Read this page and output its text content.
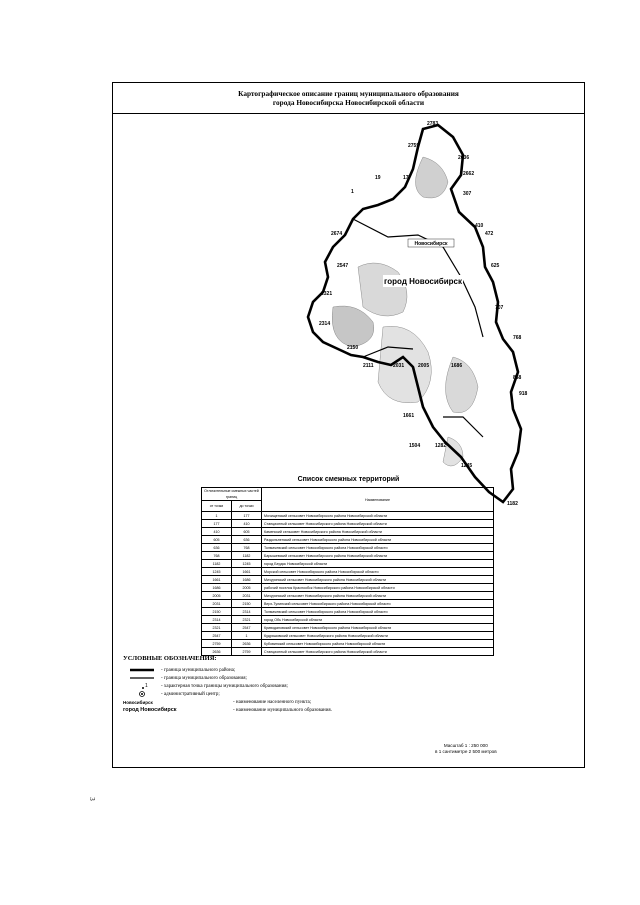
Картографическое описание границ муниципального образования
города Новосибирска Новосибирской области
Новосибирск
город Новосибирск
2783
2759
2636
2662
307
19	177
1
410
472
2674
625
2547
2321
707
2314
768
2150
2111	2031	2005	1686
858
918
1661
1504	1282
1245
1182
Список смежных территорий
Отличительные смежных частей границ		Наименование
от точки	до точки	
1	177	Мочищенский сельсовет Новосибирского района Новосибирской области
177	410	Станционный сельсовет Новосибирского района Новосибирской области
410	605	Каменский сельсовет Новосибирского района Новосибирской области
605	636	Раздольненский сельсовет Новосибирского района Новосибирской области
636	768	Толмачевский сельсовет Новосибирского района Новосибирской области
768	1182	Барышевский сельсовет Новосибирского района Новосибирской области
1182	1245	город Бердск Новосибирской области
1245	1661	Морской сельсовет Новосибирского района Новосибирской области
1661	1686	Мичуринский сельсовет Новосибирского района Новосибирской области
1686	2005	рабочий поселок Краснообск Новосибирского района Новосибирской области
2005	2031	Мичуринский сельсовет Новосибирского района Новосибирской области
2031	2150	Верх-Тулинский сельсовет Новосибирского района Новосибирской области
2150	2314	Толмачевский сельсовет Новосибирского района Новосибирской области
2314	2321	город Обь Новосибирской области
2321	2547	Криводановский сельсовет Новосибирского района Новосибирской области
2547	1	Кудряшовский сельсовет Новосибирского района Новосибирской области
2759	2636	Кубовинский сельсовет Новосибирского района Новосибирской области
2636	2759	Станционный сельсовет Новосибирского района Новосибирской области
УСЛОВНЫЕ ОБОЗНАЧЕНИЯ:
- граница муниципального района;
- граница муниципального образования;
1	- характерная точка границы муниципального образования;
- административный центр;
Новосибирск	- наименование населенного пункта;
город Новосибирск	- наименование муниципального образования.
Масштаб 1 : 250 000
в 1 сантиметре 2 500 метров
3
